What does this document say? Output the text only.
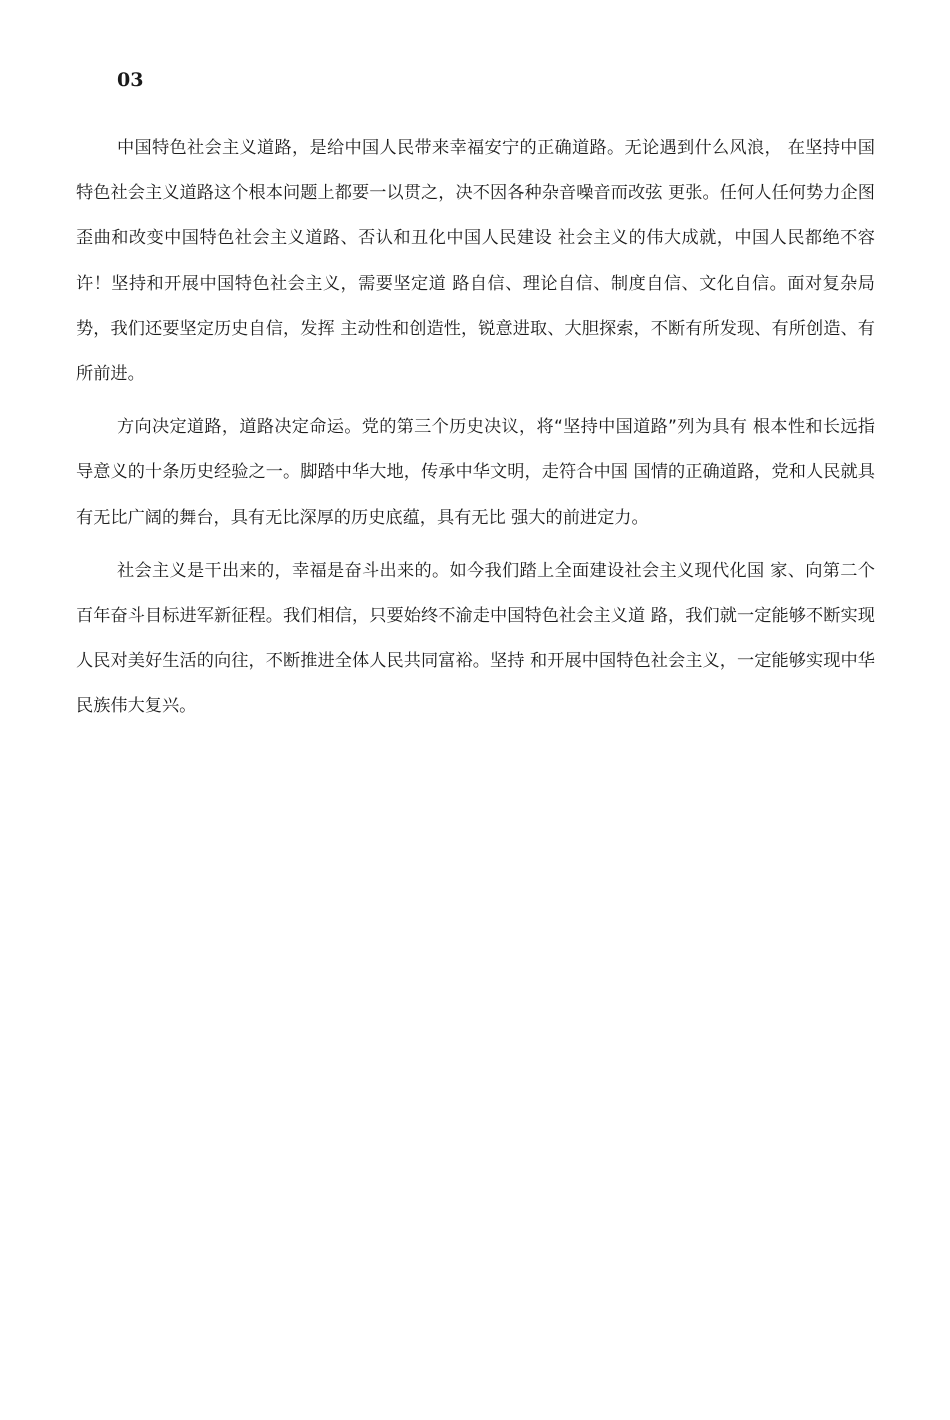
03

中国特色社会主义道路，是给中国人民带来幸福安宁的正确道路。无论遇到什么风浪， 在坚持中国特色社会主义道路这个根本问题上都要一以贯之，决不因各种杂音噪音而改弦 更张。任何人任何势力企图歪曲和改变中国特色社会主义道路、否认和丑化中国人民建设 社会主义的伟大成就，中国人民都绝不容许！坚持和开展中国特色社会主义，需要坚定道 路自信、理论自信、制度自信、文化自信。面对复杂局势，我们还要坚定历史自信，发挥 主动性和创造性，锐意进取、大胆探索，不断有所发现、有所创造、有所前进。

方向决定道路，道路决定命运。党的第三个历史决议，将“坚持中国道路”列为具有 根本性和长远指导意义的十条历史经验之一。脚踏中华大地，传承中华文明，走符合中国 国情的正确道路，党和人民就具有无比广阔的舞台，具有无比深厚的历史底蕴，具有无比 强大的前进定力。

社会主义是干出来的，幸福是奋斗出来的。如今我们踏上全面建设社会主义现代化国 家、向第二个百年奋斗目标进军新征程。我们相信，只要始终不渝走中国特色社会主义道 路，我们就一定能够不断实现人民对美好生活的向往，不断推进全体人民共同富裕。坚持 和开展中国特色社会主义，一定能够实现中华民族伟大复兴。
